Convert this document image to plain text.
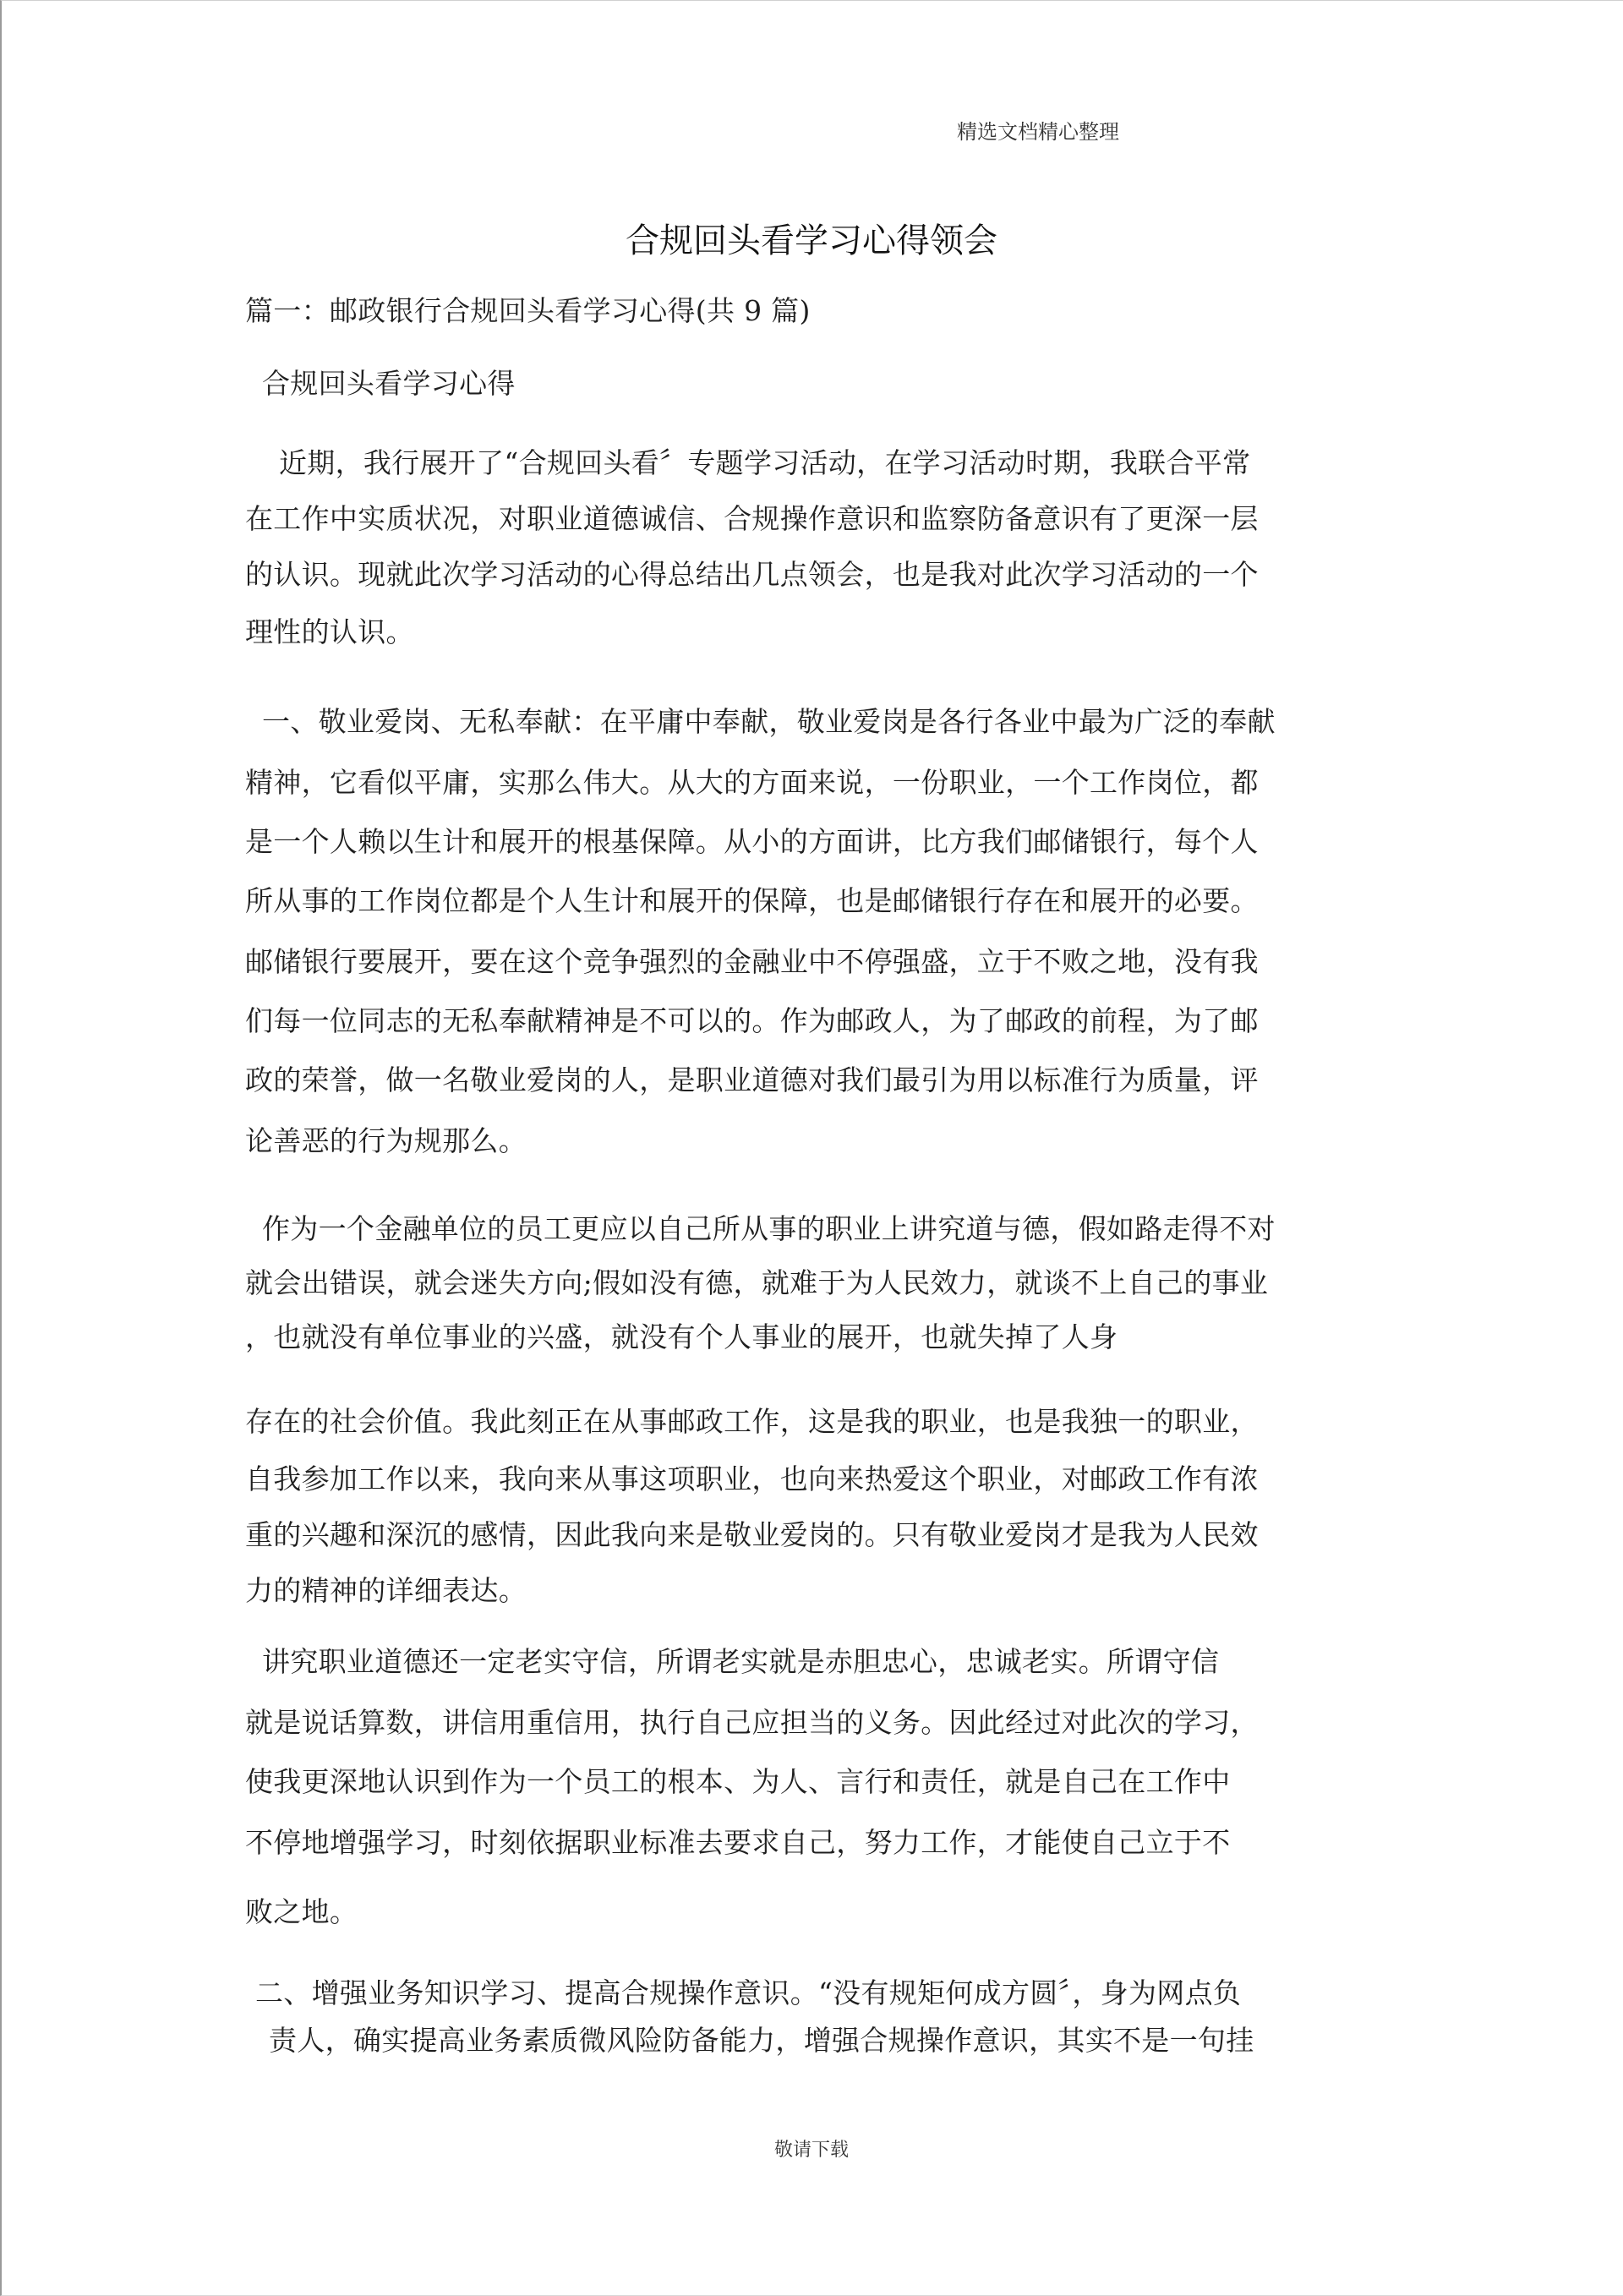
精选文档精心整理
合规回头看学习心得领会
篇一：邮政银行合规回头看学习心得(共 9 篇)
合规回头看学习心得
近期，我行展开了“合规回头看〞专题学习活动，在学习活动时期，我联合平常
在工作中实质状况，对职业道德诚信、合规操作意识和监察防备意识有了更深一层
的认识。现就此次学习活动的心得总结出几点领会，也是我对此次学习活动的一个
理性的认识。
一、敬业爱岗、无私奉献：在平庸中奉献，敬业爱岗是各行各业中最为广泛的奉献
精神，它看似平庸，实那么伟大。从大的方面来说，一份职业，一个工作岗位，都
是一个人赖以生计和展开的根基保障。从小的方面讲，比方我们邮储银行，每个人
所从事的工作岗位都是个人生计和展开的保障，也是邮储银行存在和展开的必要。
邮储银行要展开，要在这个竞争强烈的金融业中不停强盛，立于不败之地，没有我
们每一位同志的无私奉献精神是不可以的。作为邮政人，为了邮政的前程，为了邮
政的荣誉，做一名敬业爱岗的人，是职业道德对我们最引为用以标准行为质量，评
论善恶的行为规那么。
作为一个金融单位的员工更应以自己所从事的职业上讲究道与德，假如路走得不对
就会出错误，就会迷失方向;假如没有德，就难于为人民效力，就谈不上自己的事业
，也就没有单位事业的兴盛，就没有个人事业的展开，也就失掉了人身
存在的社会价值。我此刻正在从事邮政工作，这是我的职业，也是我独一的职业，
自我参加工作以来，我向来从事这项职业，也向来热爱这个职业，对邮政工作有浓
重的兴趣和深沉的感情，因此我向来是敬业爱岗的。只有敬业爱岗才是我为人民效
力的精神的详细表达。
讲究职业道德还一定老实守信，所谓老实就是赤胆忠心，忠诚老实。所谓守信
就是说话算数，讲信用重信用，执行自己应担当的义务。因此经过对此次的学习，
使我更深地认识到作为一个员工的根本、为人、言行和责任，就是自己在工作中
不停地增强学习，时刻依据职业标准去要求自己，努力工作，才能使自己立于不
败之地。
二、增强业务知识学习、提高合规操作意识。“没有规矩何成方圆〞，身为网点负
责人，确实提高业务素质微风险防备能力，增强合规操作意识，其实不是一句挂
敬请下载
